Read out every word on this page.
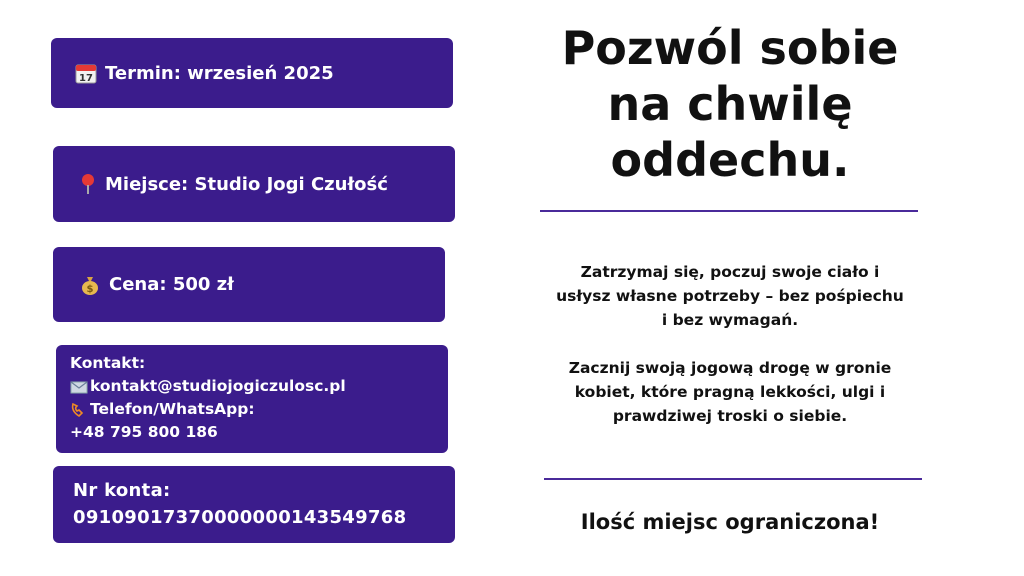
17 Termin: wrzesień 2025
Miejsce: Studio Jogi Czułość
$ Cena: 500 zł
Kontakt:
kontakt@studiojogiczulosc.pl
Telefon/WhatsApp:
+48 795 800 186
Nr konta:
09109017370000000143549768
Pozwól sobie
na chwilę
oddechu.
Zatrzymaj się, poczuj swoje ciało i
usłysz własne potrzeby – bez pośpiechu
i bez wymagań.
Zacznij swoją jogową drogę w gronie
kobiet, które pragną lekkości, ulgi i
prawdziwej troski o siebie.
Ilość miejsc ograniczona!
